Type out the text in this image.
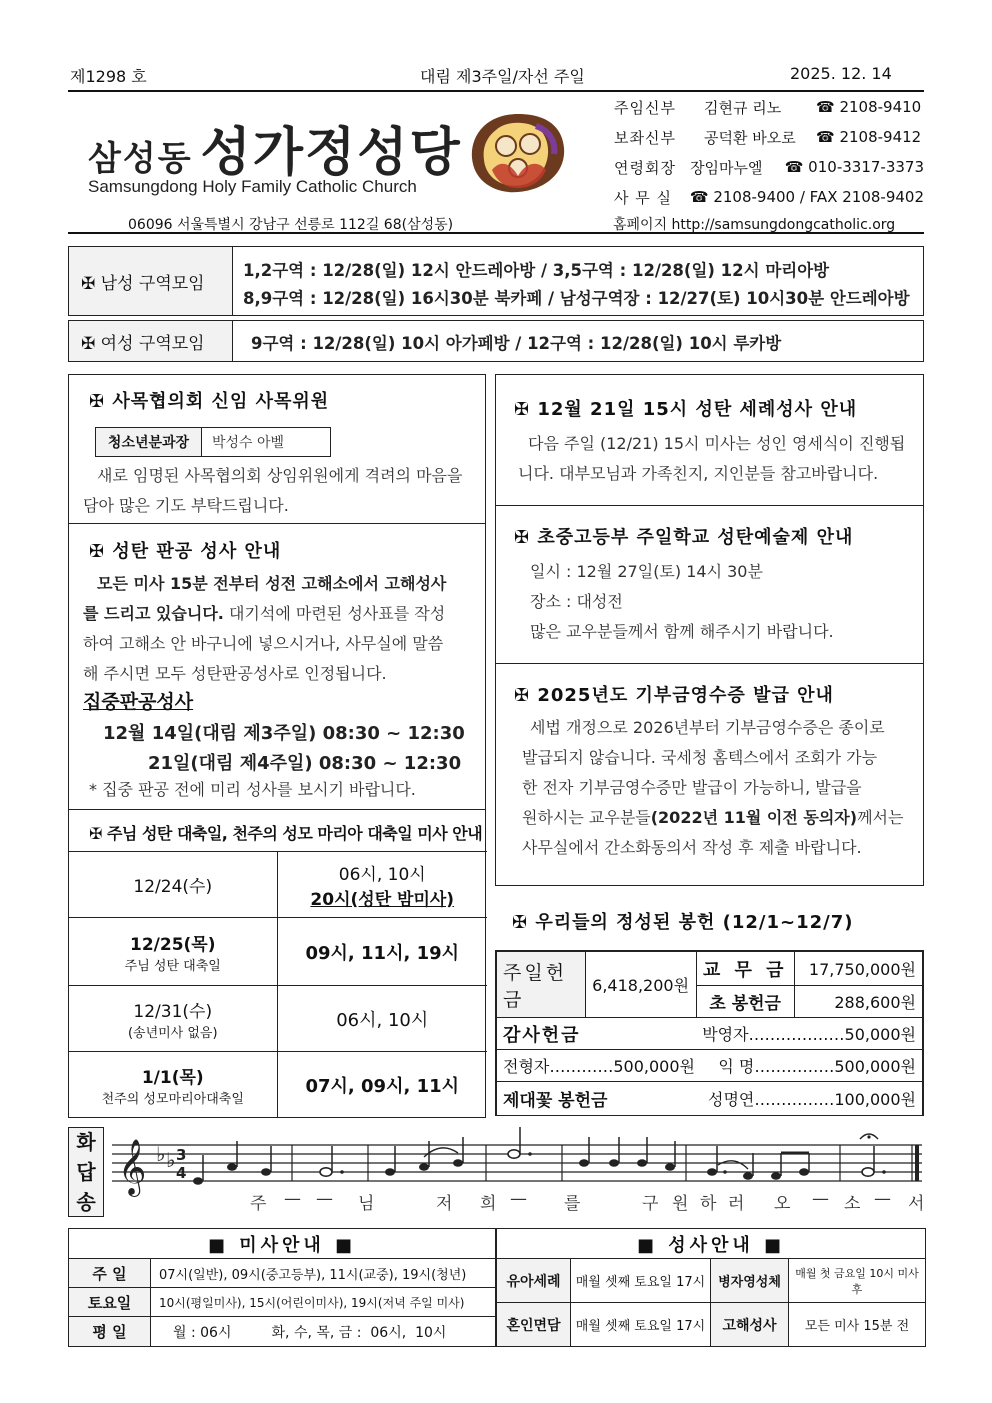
제1298 호	대림 제3주일/자선 주일	2025. 12. 14
삼성동 성가정성당
Samsungdong Holy Family Catholic Church
주임신부	김현규 리노	☎ 2108-9410
보좌신부	공덕환 바오로	☎ 2108-9412
연령회장 장임마누엘	☎ 010-3317-3373
사 무 실	☎ 2108-9400 / FAX 2108-9402
06096 서울특별시 강남구 선릉로 112길 68(삼성동)	홈페이지 http://samsungdongcatholic.org
✠ 남성 구역모임
1,2구역 : 12/28(일) 12시 안드레아방 / 3,5구역 : 12/28(일) 12시 마리아방
8,9구역 : 12/28(일) 16시30분 북카페 / 남성구역장 : 12/27(토) 10시30분 안드레아방
✠ 여성 구역모임	9구역 : 12/28(일) 10시 아가페방 / 12구역 : 12/28(일) 10시 루카방
✠ 사목협의회 신임 사목위원
청소년분과장	박성수 아벨
새로 임명된 사목협의회 상임위원에게 격려의 마음을
담아 많은 기도 부탁드립니다.
✠ 성탄 판공 성사 안내
모든 미사 15분 전부터 성전 고해소에서 고해성사
를 드리고 있습니다. 대기석에 마련된 성사표를 작성
하여 고해소 안 바구니에 넣으시거나, 사무실에 말씀
해 주시면 모두 성탄판공성사로 인정됩니다.
집중판공성사
12월 14일(대림 제3주일) 08:30 ~ 12:30
21일(대림 제4주일) 08:30 ~ 12:30
* 집중 판공 전에 미리 성사를 보시기 바랍니다.
✠ 주님 성탄 대축일, 천주의 성모 마리아 대축일 미사 안내
12/24(수)	06시, 10시
20시(성탄 밤미사)

12/25(목)
주님 성탄 대축일	09시, 11시, 19시

12/31(수)
(송년미사 없음)	06시, 10시

1/1(목)
천주의 성모마리아대축일	07시, 09시, 11시
✠ 12월 21일 15시 성탄 세례성사 안내
다음 주일 (12/21) 15시 미사는 성인 영세식이 진행됩
니다. 대부모님과 가족친지, 지인분들 참고바랍니다.
✠ 초중고등부 주일학교 성탄예술제 안내
일시 : 12월 27일(토) 14시 30분
장소 : 대성전
많은 교우분들께서 함께 해주시기 바랍니다.
✠ 2025년도 기부금영수증 발급 안내
세법 개정으로 2026년부터 기부금영수증은 종이로
발급되지 않습니다. 국세청 홈텍스에서 조회가 가능
한 전자 기부금영수증만 발급이 가능하니, 발급을
원하시는 교우분들(2022년 11월 이전 동의자)께서는
사무실에서 간소화동의서 작성 후 제출 바랍니다.
✠ 우리들의 정성된 봉헌 (12/1~12/7)
주일헌금	6,418,200원	교 무 금	17,750,000원
		초 봉헌금	288,600원
감사헌금		박영자………………50,000원	
전형자…………500,000원 익 명……………500,000원			

제대꽃 봉헌금		성명연……………100,000원	
화
답
송
𝄞 ♭ ♭ 3
4
주 — — 님	저 희 — 를	구 원 하 러 오 — 소 — 서
■ 미사안내 ■	
주 일	07시(일반), 09시(중고등부), 11시(교중), 19시(청년)
토요일	10시(평일미사), 15시(어린이미사), 19시(저녁 주일 미사)
평 일	월 : 06시         화, 수, 목, 금 :  06시,  10시
■ 성사안내 ■			
유아세례	매월 셋째 토요일 17시	병자영성체	매월 첫 금요일 10시 미사 후
혼인면담	매월 셋째 토요일 17시	고해성사	모든 미사 15분 전
